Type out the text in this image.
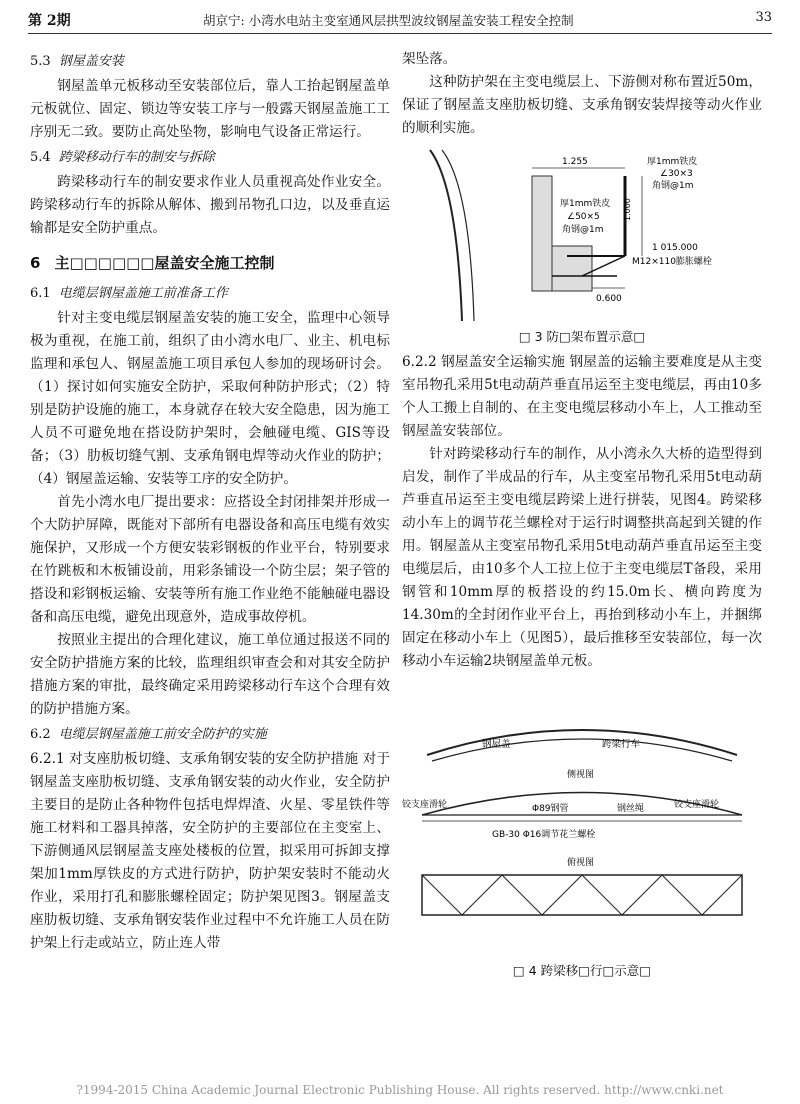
第 2期	胡京宁: 小湾水电站主变室通风层拱型波纹钢屋盖安装工程安全控制	33
5.3 钢屋盖安装

钢屋盖单元板移动至安装部位后，靠人工抬起钢屋盖单元板就位、固定、锁边等安装工序与一般露天钢屋盖施工工序别无二致。要防止高处坠物，影响电气设备正常运行。

5.4 跨梁移动行车的制安与拆除

跨梁移动行车的制安要求作业人员重视高处作业安全。跨梁移动行车的拆除从解体、搬到吊物孔口边，以及垂直运输都是安全防护重点。

6 主□□□□□□屋盖安全施工控制
6.1 电缆层钢屋盖施工前准备工作

针对主变电缆层钢屋盖安装的施工安全，监理中心领导极为重视，在施工前，组织了由小湾水电厂、业主、机电标监理和承包人、钢屋盖施工项目承包人参加的现场研讨会。（1）探讨如何实施安全防护，采取何种防护形式；（2）特别是防护设施的施工，本身就存在较大安全隐患，因为施工人员不可避免地在搭设防护架时，会触碰电缆、GIS等设备；（3）肋板切缝气割、支承角钢电焊等动火作业的防护；（4）钢屋盖运输、安装等工序的安全防护。

首先小湾水电厂提出要求：应搭设全封闭排架并形成一个大防护屏障，既能对下部所有电器设备和高压电缆有效实施保护，又形成一个方便安装彩钢板的作业平台，特别要求在竹跳板和木板铺设前，用彩条铺设一个防尘层；架子管的搭设和彩钢板运输、安装等所有施工作业绝不能触碰电器设备和高压电缆，避免出现意外，造成事故停机。

按照业主提出的合理化建议，施工单位通过报送不同的安全防护措施方案的比较，监理组织审查会和对其安全防护措施方案的审批，最终确定采用跨梁移动行车这个合理有效的防护措施方案。

6.2 电缆层钢屋盖施工前安全防护的实施

6.2.1 对支座肋板切缝、支承角钢安装的安全防护措施 对于钢屋盖支座肋板切缝、支承角钢安装的动火作业，安全防护主要目的是防止各种物件包括电焊焊渣、火星、零星铁件等施工材料和工器具掉落，安全防护的主要部位在主变室上、下游侧通风层钢屋盖支座处楼板的位置，拟采用可拆卸支撑架加1mm厚铁皮的方式进行防护，防护架安装时不能动火作业，采用打孔和膨胀螺栓固定；防护架见图3。钢屋盖支座肋板切缝、支承角钢安装作业过程中不允许施工人员在防护架上行走或站立，防止连人带

架坠落。

这种防护架在主变电缆层上、下游侧对称布置近50m，保证了钢屋盖支座肋板切缝、支承角钢安装焊接等动火作业的顺利实施。

1.255
1.000
厚1mm铁皮
∠30×3
角钢@1m
厚1mm铁皮
∠50×5
角钢@1m
1 015.000
M12×110膨胀螺栓
0.600
□ 3 防□架布置示意□

6.2.2 钢屋盖安全运输实施 钢屋盖的运输主要难度是从主变室吊物孔采用5t电动葫芦垂直吊运至主变电缆层，再由10多个人工搬上自制的、在主变电缆层移动小车上，人工推动至钢屋盖安装部位。

针对跨梁移动行车的制作，从小湾永久大桥的造型得到启发，制作了半成品的行车，从主变室吊物孔采用5t电动葫芦垂直吊运至主变电缆层跨梁上进行拼装，见图4。跨梁移动小车上的调节花兰螺栓对于运行时调整拱高起到关键的作用。钢屋盖从主变室吊物孔采用5t电动葫芦垂直吊运至主变电缆层后，由10多个人工拉上位于主变电缆层T备段，采用钢管和10mm厚的板搭设的约15.0m长、横向跨度为14.30m的全封闭作业平台上，再抬到移动小车上，并捆绑固定在移动小车上（见图5），最后推移至安装部位，每一次移动小车运输2块钢屋盖单元板。

钢屋盖	跨梁行车
侧视图
铰支座滑轮	铰支座滑轮
Φ89钢管	钢丝绳
GB-30 Φ16调节花兰螺栓
俯视图
□ 4 跨梁移□行□示意□
?1994-2015 China Academic Journal Electronic Publishing House. All rights reserved. http://www.cnki.net
